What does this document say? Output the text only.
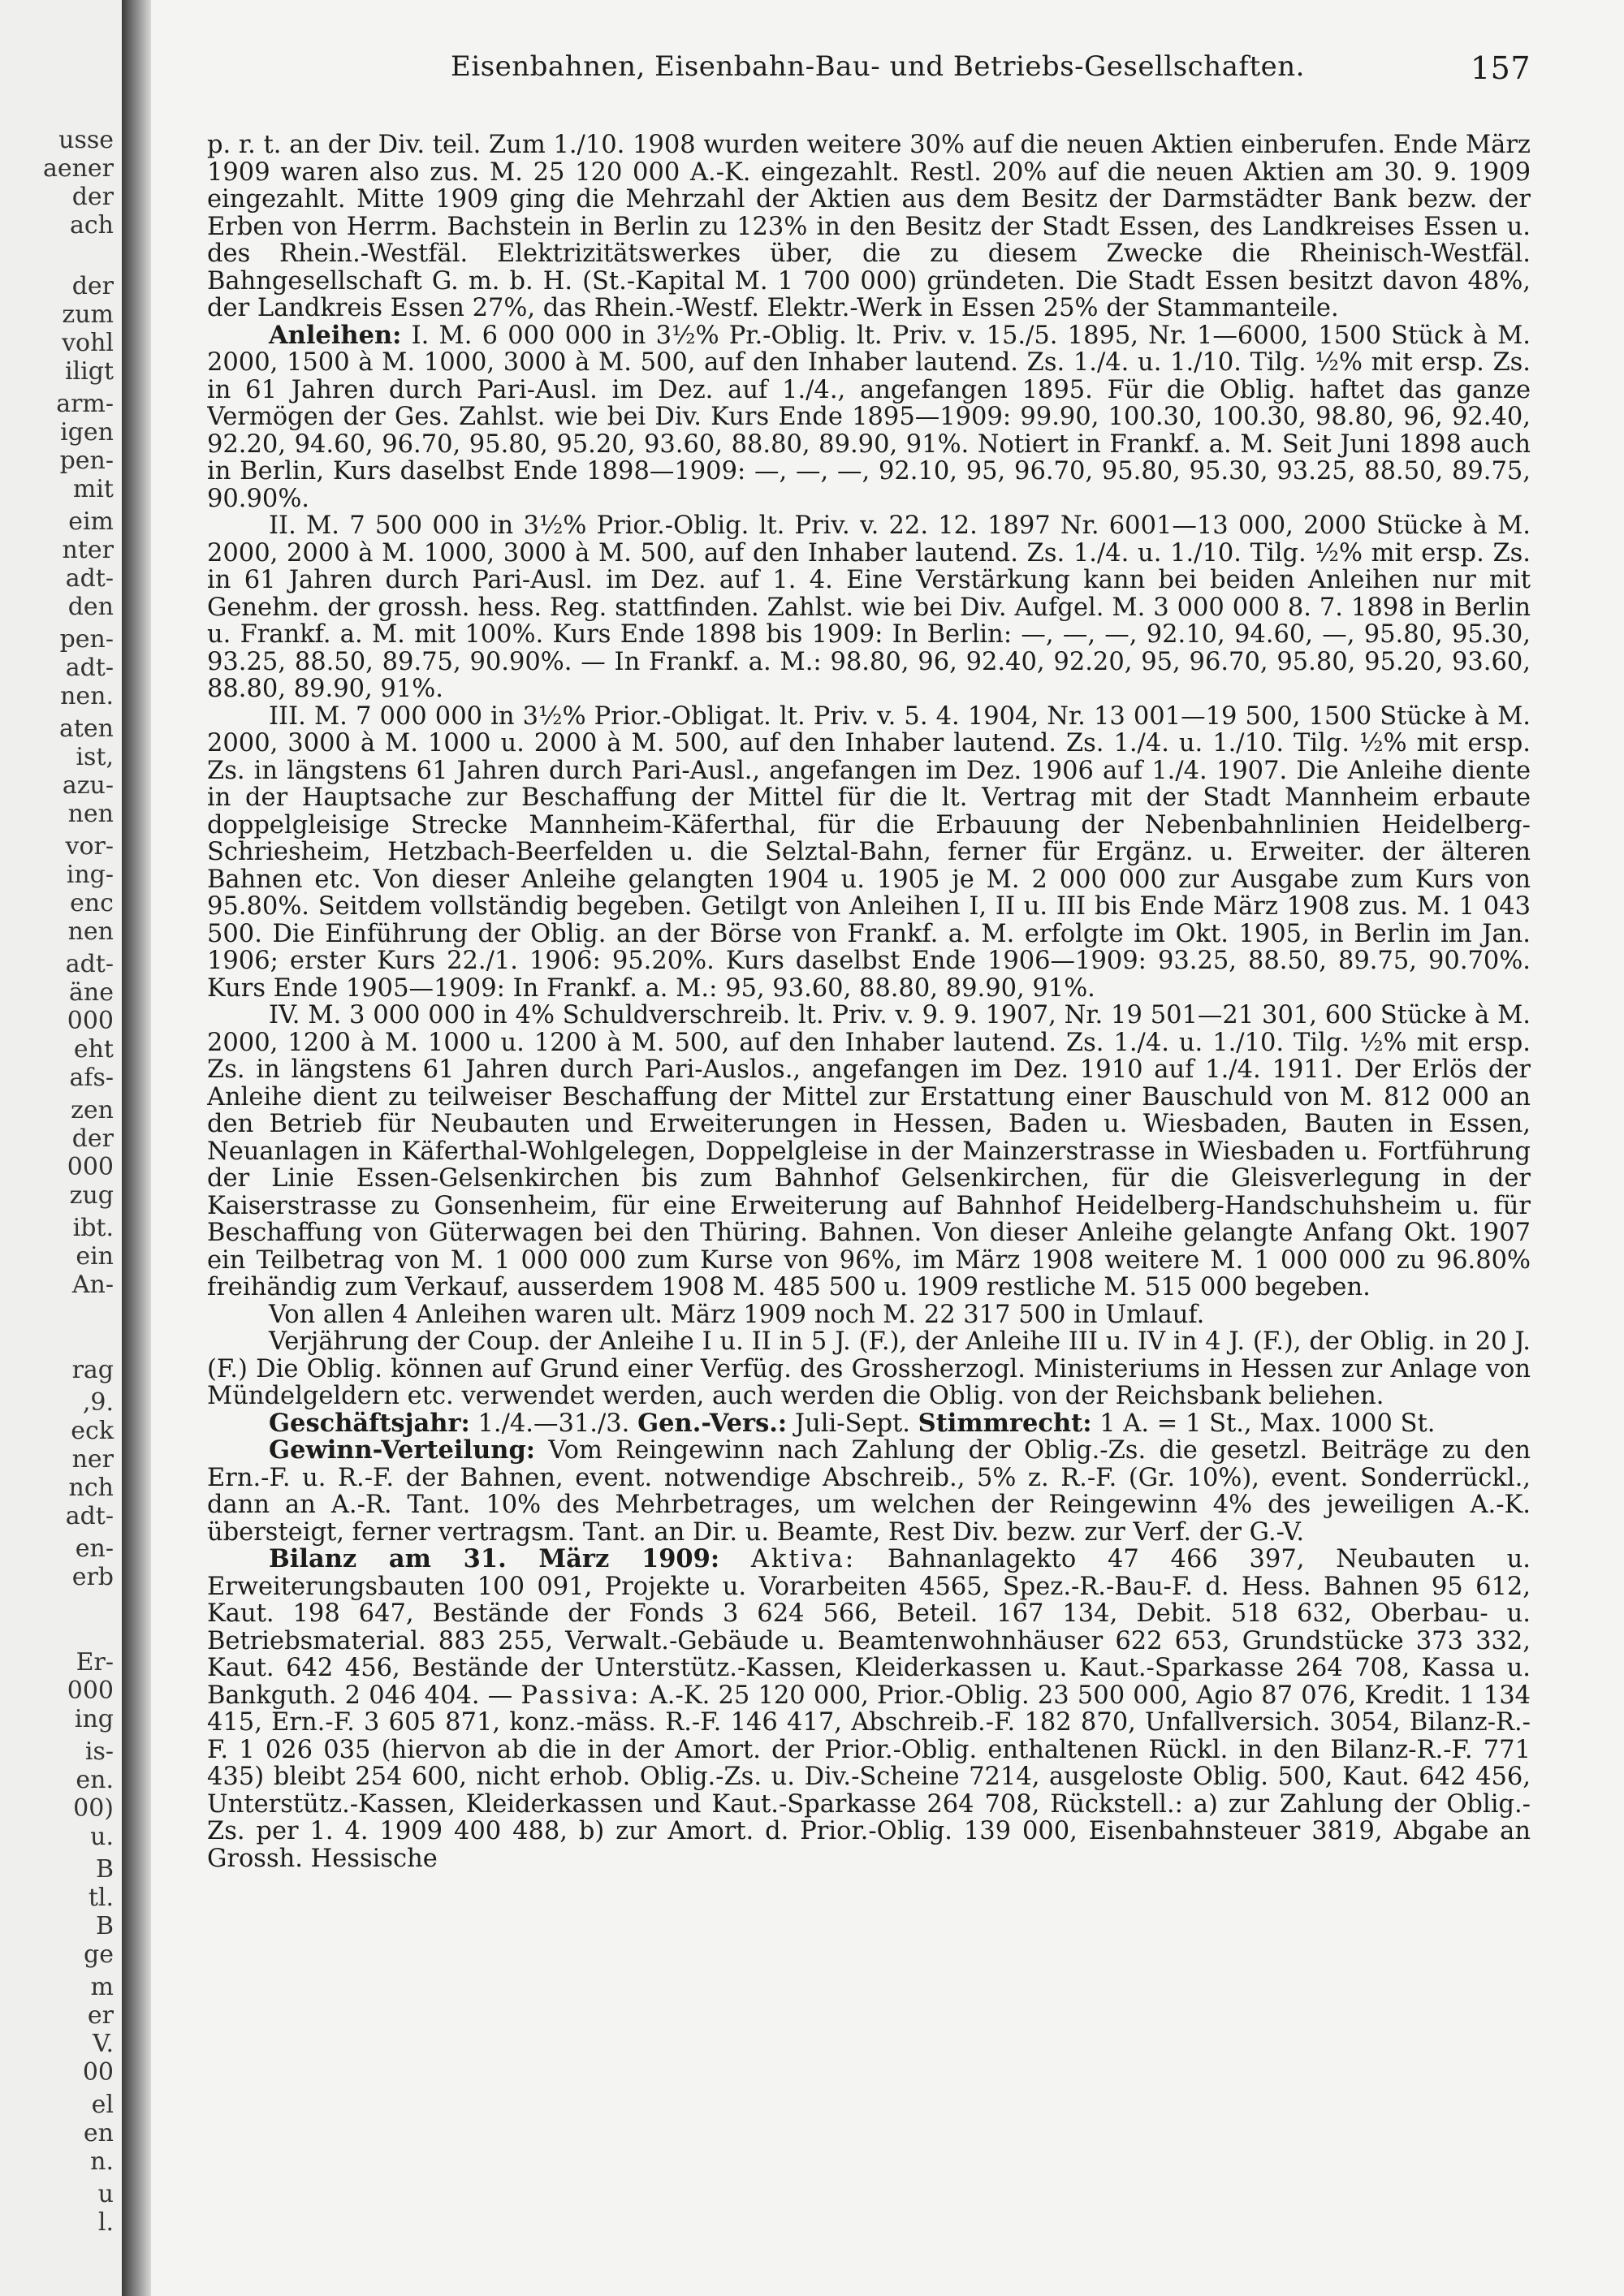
usse
aener
der
ach
der
zum
vohl
iligt
arm-
igen
pen-
mit
eim
nter
adt-
den
pen-
adt-
nen.
aten
ist,
azu-
nen
vor-
ing-
enc
nen
adt-
äne
000
eht
afs-
zen
der
000
zug
ibt.
ein
An-
rag
,9.
eck
ner
nch
adt-
en-
erb
Er-
000
ing
is-
en.
00)
u.
B
tl.
B
ge
m
er
V.
00
el
en
n.
u
l.
Eisenbahnen, Eisenbahn-Bau- und Betriebs-Gesellschaften.	157

p. r. t. an der Div. teil. Zum 1./10. 1908 wurden weitere 30% auf die neuen Aktien einberufen. Ende März 1909 waren also zus. M. 25 120 000 A.-K. eingezahlt. Restl. 20% auf die neuen Aktien am 30. 9. 1909 eingezahlt. Mitte 1909 ging die Mehrzahl der Aktien aus dem Besitz der Darmstädter Bank bezw. der Erben von Herrm. Bachstein in Berlin zu 123% in den Besitz der Stadt Essen, des Landkreises Essen u. des Rhein.-Westfäl. Elektrizitätswerkes über, die zu diesem Zwecke die Rheinisch-Westfäl. Bahngesellschaft G. m. b. H. (St.-Kapital M. 1 700 000) gründeten. Die Stadt Essen besitzt davon 48%, der Landkreis Essen 27%, das Rhein.-Westf. Elektr.-Werk in Essen 25% der Stammanteile.

Anleihen: I. M. 6 000 000 in 3½% Pr.-Oblig. lt. Priv. v. 15./5. 1895, Nr. 1—6000, 1500 Stück à M. 2000, 1500 à M. 1000, 3000 à M. 500, auf den Inhaber lautend. Zs. 1./4. u. 1./10. Tilg. ½% mit ersp. Zs. in 61 Jahren durch Pari-Ausl. im Dez. auf 1./4., angefangen 1895. Für die Oblig. haftet das ganze Vermögen der Ges. Zahlst. wie bei Div. Kurs Ende 1895—1909: 99.90, 100.30, 100.30, 98.80, 96, 92.40, 92.20, 94.60, 96.70, 95.80, 95.20, 93.60, 88.80, 89.90, 91%. Notiert in Frankf. a. M. Seit Juni 1898 auch in Berlin, Kurs daselbst Ende 1898—1909: —, —, —, 92.10, 95, 96.70, 95.80, 95.30, 93.25, 88.50, 89.75, 90.90%.

II. M. 7 500 000 in 3½% Prior.-Oblig. lt. Priv. v. 22. 12. 1897 Nr. 6001—13 000, 2000 Stücke à M. 2000, 2000 à M. 1000, 3000 à M. 500, auf den Inhaber lautend. Zs. 1./4. u. 1./10. Tilg. ½% mit ersp. Zs. in 61 Jahren durch Pari-Ausl. im Dez. auf 1. 4. Eine Verstärkung kann bei beiden Anleihen nur mit Genehm. der grossh. hess. Reg. stattfinden. Zahlst. wie bei Div. Aufgel. M. 3 000 000 8. 7. 1898 in Berlin u. Frankf. a. M. mit 100%. Kurs Ende 1898 bis 1909: In Berlin: —, —, —, 92.10, 94.60, —, 95.80, 95.30, 93.25, 88.50, 89.75, 90.90%. — In Frankf. a. M.: 98.80, 96, 92.40, 92.20, 95, 96.70, 95.80, 95.20, 93.60, 88.80, 89.90, 91%.

III. M. 7 000 000 in 3½% Prior.-Obligat. lt. Priv. v. 5. 4. 1904, Nr. 13 001—19 500, 1500 Stücke à M. 2000, 3000 à M. 1000 u. 2000 à M. 500, auf den Inhaber lautend. Zs. 1./4. u. 1./10. Tilg. ½% mit ersp. Zs. in längstens 61 Jahren durch Pari-Ausl., angefangen im Dez. 1906 auf 1./4. 1907. Die Anleihe diente in der Hauptsache zur Beschaffung der Mittel für die lt. Vertrag mit der Stadt Mannheim erbaute doppelgleisige Strecke Mannheim-Käferthal, für die Erbauung der Nebenbahnlinien Heidelberg-Schriesheim, Hetzbach-Beerfelden u. die Selztal-Bahn, ferner für Ergänz. u. Erweiter. der älteren Bahnen etc. Von dieser Anleihe gelangten 1904 u. 1905 je M. 2 000 000 zur Ausgabe zum Kurs von 95.80%. Seitdem vollständig begeben. Getilgt von Anleihen I, II u. III bis Ende März 1908 zus. M. 1 043 500. Die Einführung der Oblig. an der Börse von Frankf. a. M. erfolgte im Okt. 1905, in Berlin im Jan. 1906; erster Kurs 22./1. 1906: 95.20%. Kurs daselbst Ende 1906—1909: 93.25, 88.50, 89.75, 90.70%. Kurs Ende 1905—1909: In Frankf. a. M.: 95, 93.60, 88.80, 89.90, 91%.

IV. M. 3 000 000 in 4% Schuldverschreib. lt. Priv. v. 9. 9. 1907, Nr. 19 501—21 301, 600 Stücke à M. 2000, 1200 à M. 1000 u. 1200 à M. 500, auf den Inhaber lautend. Zs. 1./4. u. 1./10. Tilg. ½% mit ersp. Zs. in längstens 61 Jahren durch Pari-Auslos., angefangen im Dez. 1910 auf 1./4. 1911. Der Erlös der Anleihe dient zu teilweiser Beschaffung der Mittel zur Erstattung einer Bauschuld von M. 812 000 an den Betrieb für Neubauten und Erweiterungen in Hessen, Baden u. Wiesbaden, Bauten in Essen, Neuanlagen in Käferthal-Wohlgelegen, Doppelgleise in der Mainzerstrasse in Wiesbaden u. Fortführung der Linie Essen-Gelsenkirchen bis zum Bahnhof Gelsenkirchen, für die Gleisverlegung in der Kaiserstrasse zu Gonsenheim, für eine Erweiterung auf Bahnhof Heidelberg-Handschuhsheim u. für Beschaffung von Güterwagen bei den Thüring. Bahnen. Von dieser Anleihe gelangte Anfang Okt. 1907 ein Teilbetrag von M. 1 000 000 zum Kurse von 96%, im März 1908 weitere M. 1 000 000 zu 96.80% freihändig zum Verkauf, ausserdem 1908 M. 485 500 u. 1909 restliche M. 515 000 begeben.

Von allen 4 Anleihen waren ult. März 1909 noch M. 22 317 500 in Umlauf.

Verjährung der Coup. der Anleihe I u. II in 5 J. (F.), der Anleihe III u. IV in 4 J. (F.), der Oblig. in 20 J. (F.) Die Oblig. können auf Grund einer Verfüg. des Grossherzogl. Ministeriums in Hessen zur Anlage von Mündelgeldern etc. verwendet werden, auch werden die Oblig. von der Reichsbank beliehen.

Geschäftsjahr: 1./4.—31./3. Gen.-Vers.: Juli-Sept. Stimmrecht: 1 A. = 1 St., Max. 1000 St.

Gewinn-Verteilung: Vom Reingewinn nach Zahlung der Oblig.-Zs. die gesetzl. Beiträge zu den Ern.-F. u. R.-F. der Bahnen, event. notwendige Abschreib., 5% z. R.-F. (Gr. 10%), event. Sonderrückl., dann an A.-R. Tant. 10% des Mehrbetrages, um welchen der Reingewinn 4% des jeweiligen A.-K. übersteigt, ferner vertragsm. Tant. an Dir. u. Beamte, Rest Div. bezw. zur Verf. der G.-V.

Bilanz am 31. März 1909: Aktiva: Bahnanlagekto 47 466 397, Neubauten u. Erweiterungsbauten 100 091, Projekte u. Vorarbeiten 4565, Spez.-R.-Bau-F. d. Hess. Bahnen 95 612, Kaut. 198 647, Bestände der Fonds 3 624 566, Beteil. 167 134, Debit. 518 632, Oberbau- u. Betriebsmaterial. 883 255, Verwalt.-Gebäude u. Beamtenwohnhäuser 622 653, Grundstücke 373 332, Kaut. 642 456, Bestände der Unterstütz.-Kassen, Kleiderkassen u. Kaut.-Sparkasse 264 708, Kassa u. Bankguth. 2 046 404. — Passiva: A.-K. 25 120 000, Prior.-Oblig. 23 500 000, Agio 87 076, Kredit. 1 134 415, Ern.-F. 3 605 871, konz.-mäss. R.-F. 146 417, Abschreib.-F. 182 870, Unfallversich. 3054, Bilanz-R.-F. 1 026 035 (hiervon ab die in der Amort. der Prior.-Oblig. enthaltenen Rückl. in den Bilanz-R.-F. 771 435) bleibt 254 600, nicht erhob. Oblig.-Zs. u. Div.-Scheine 7214, ausgeloste Oblig. 500, Kaut. 642 456, Unterstütz.-Kassen, Kleiderkassen und Kaut.-Sparkasse 264 708, Rückstell.: a) zur Zahlung der Oblig.-Zs. per 1. 4. 1909 400 488, b) zur Amort. d. Prior.-Oblig. 139 000, Eisenbahnsteuer 3819, Abgabe an Grossh. Hessische
